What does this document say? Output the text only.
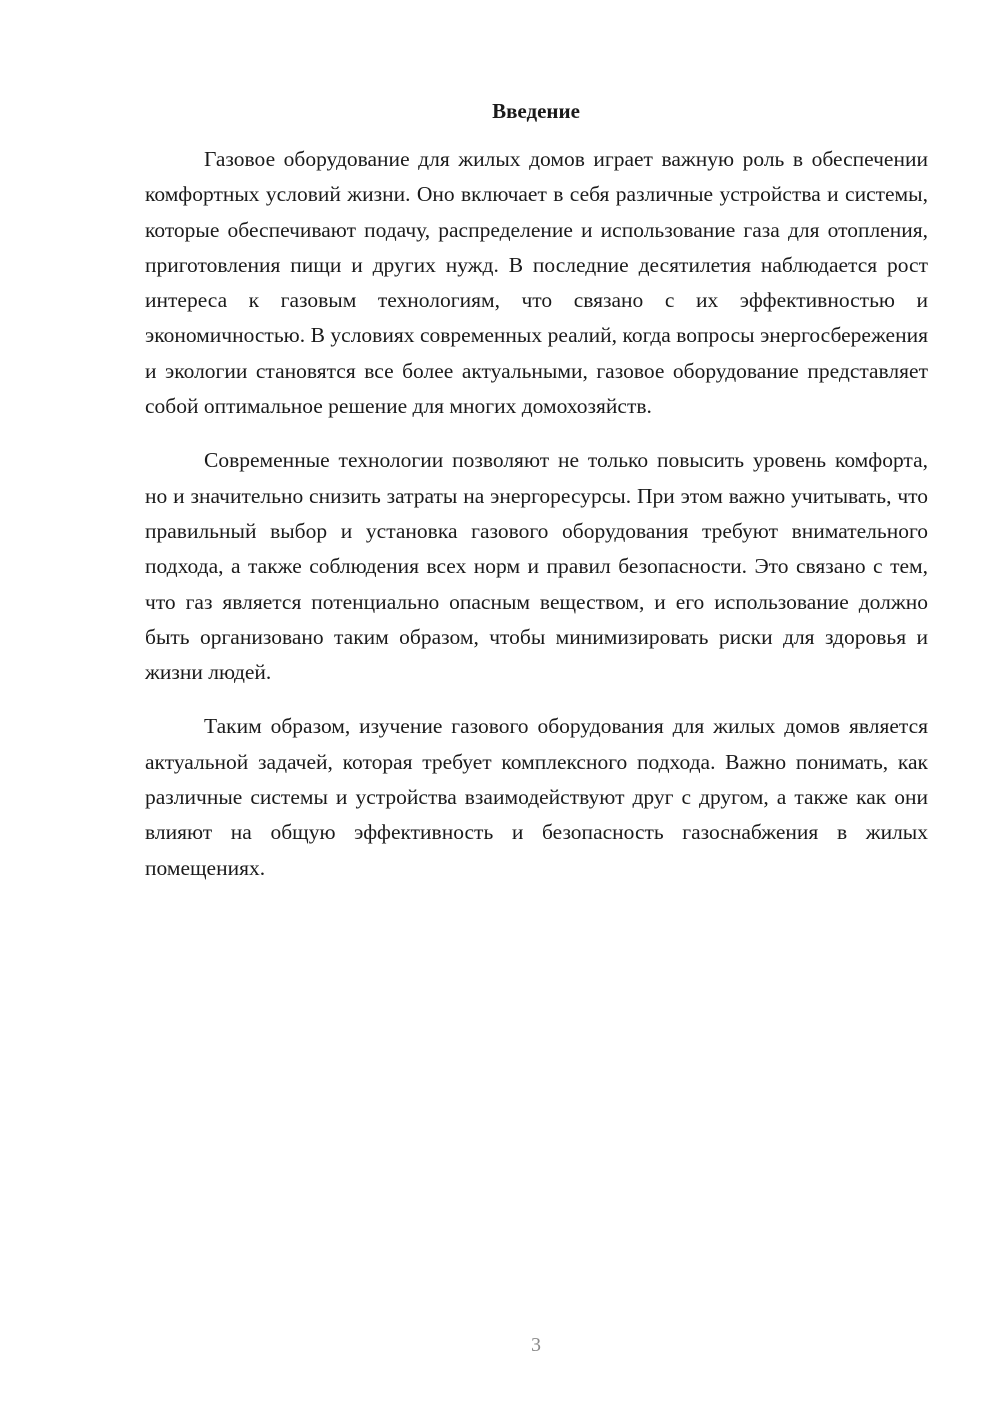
Введение

Газовое оборудование для жилых домов играет важную роль в обеспечении комфортных условий жизни. Оно включает в себя различные устройства и системы, которые обеспечивают подачу, распределение и использование газа для отопления, приготовления пищи и других нужд. В последние десятилетия наблюдается рост интереса к газовым технологиям, что связано с их эффективностью и экономичностью. В условиях современных реалий, когда вопросы энергосбережения и экологии становятся все более актуальными, газовое оборудование представляет собой оптимальное решение для многих домохозяйств.

Современные технологии позволяют не только повысить уровень комфорта, но и значительно снизить затраты на энергоресурсы. При этом важно учитывать, что правильный выбор и установка газового оборудования требуют внимательного подхода, а также соблюдения всех норм и правил безопасности. Это связано с тем, что газ является потенциально опасным веществом, и его использование должно быть организовано таким образом, чтобы минимизировать риски для здоровья и жизни людей.

Таким образом, изучение газового оборудования для жилых домов является актуальной задачей, которая требует комплексного подхода. Важно понимать, как различные системы и устройства взаимодействуют друг с другом, а также как они влияют на общую эффективность и безопасность газоснабжения в жилых помещениях.

3
